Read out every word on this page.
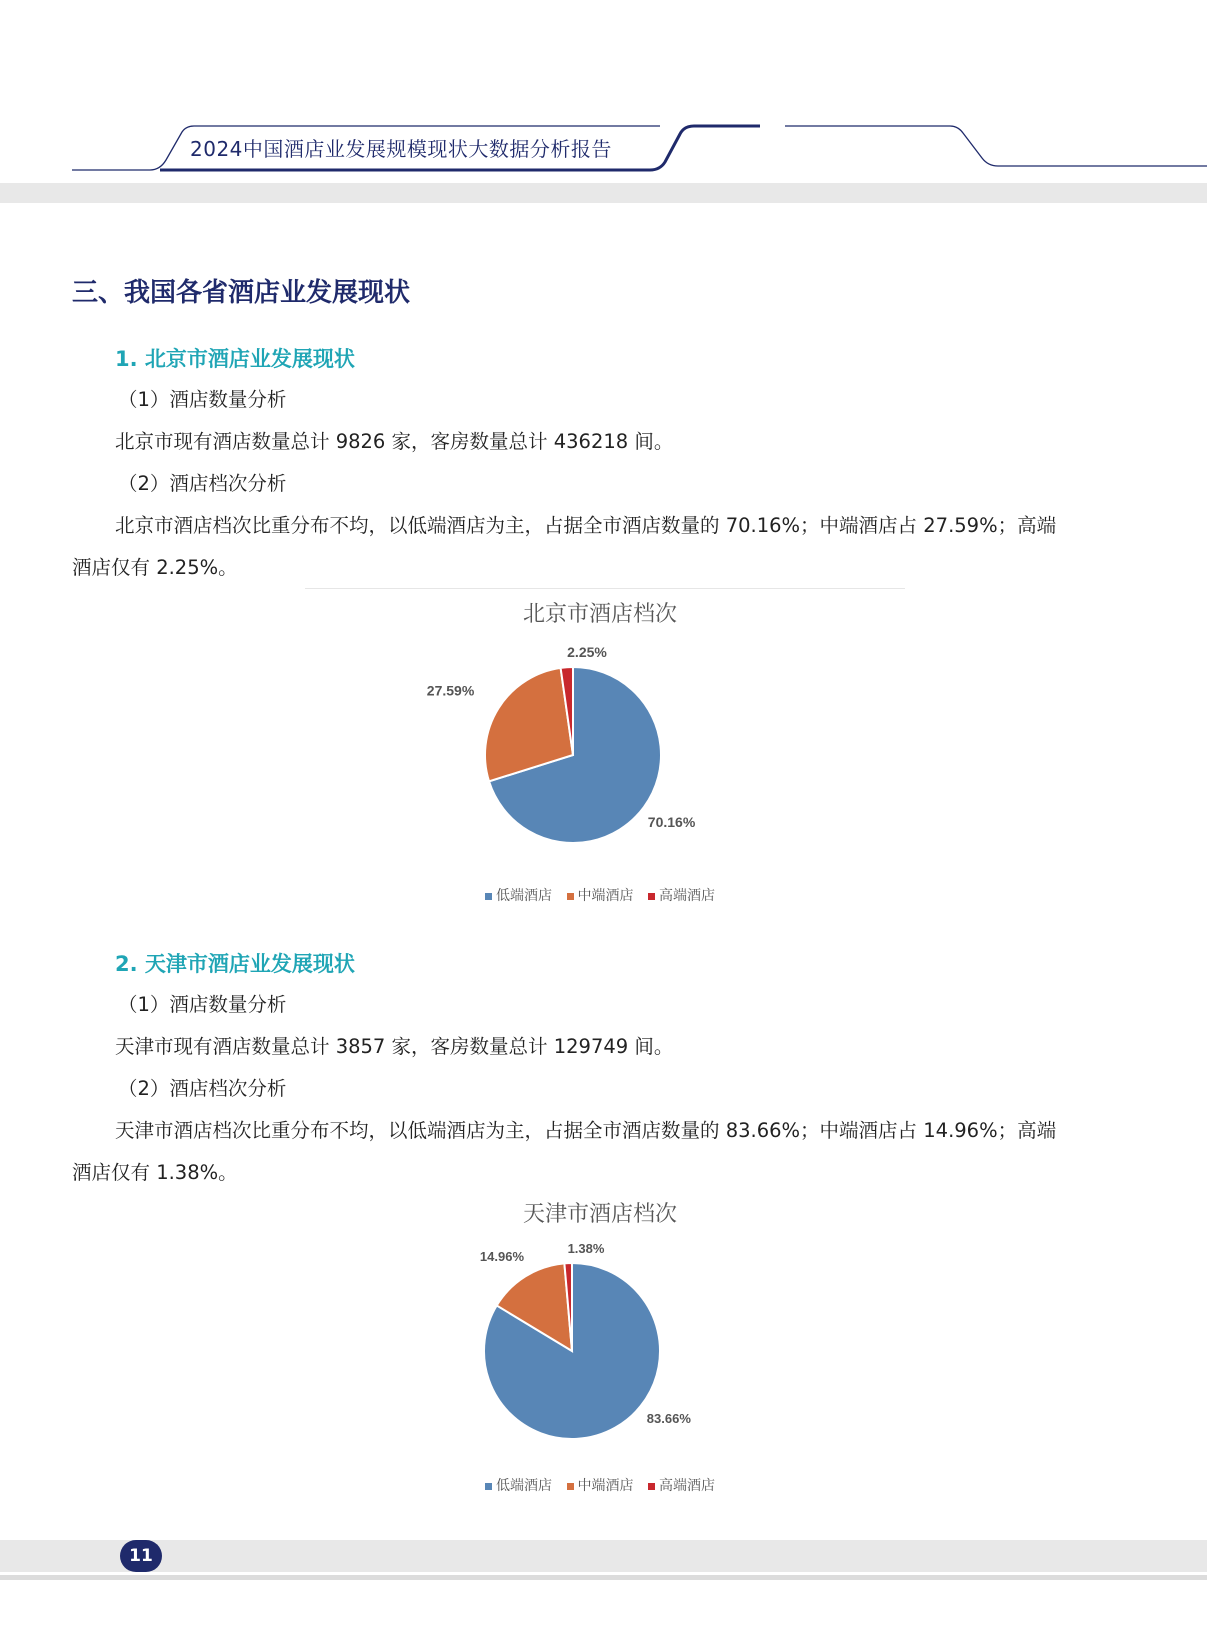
2024中国酒店业发展规模现状大数据分析报告
三、我国各省酒店业发展现状
1. 北京市酒店业发展现状
（1）酒店数量分析
北京市现有酒店数量总计 9826 家，客房数量总计 436218 间。
（2）酒店档次分析
北京市酒店档次比重分布不均，以低端酒店为主，占据全市酒店数量的 70.16%；中端酒店占 27.59%；高端
酒店仅有 2.25%。
北京市酒店档次
70.16%
27.59%
2.25%
低端酒店 中端酒店 高端酒店
2. 天津市酒店业发展现状
（1）酒店数量分析
天津市现有酒店数量总计 3857 家，客房数量总计 129749 间。
（2）酒店档次分析
天津市酒店档次比重分布不均，以低端酒店为主，占据全市酒店数量的 83.66%；中端酒店占 14.96%；高端
酒店仅有 1.38%。
天津市酒店档次
83.66%
14.96%
1.38%
低端酒店 中端酒店 高端酒店
11
